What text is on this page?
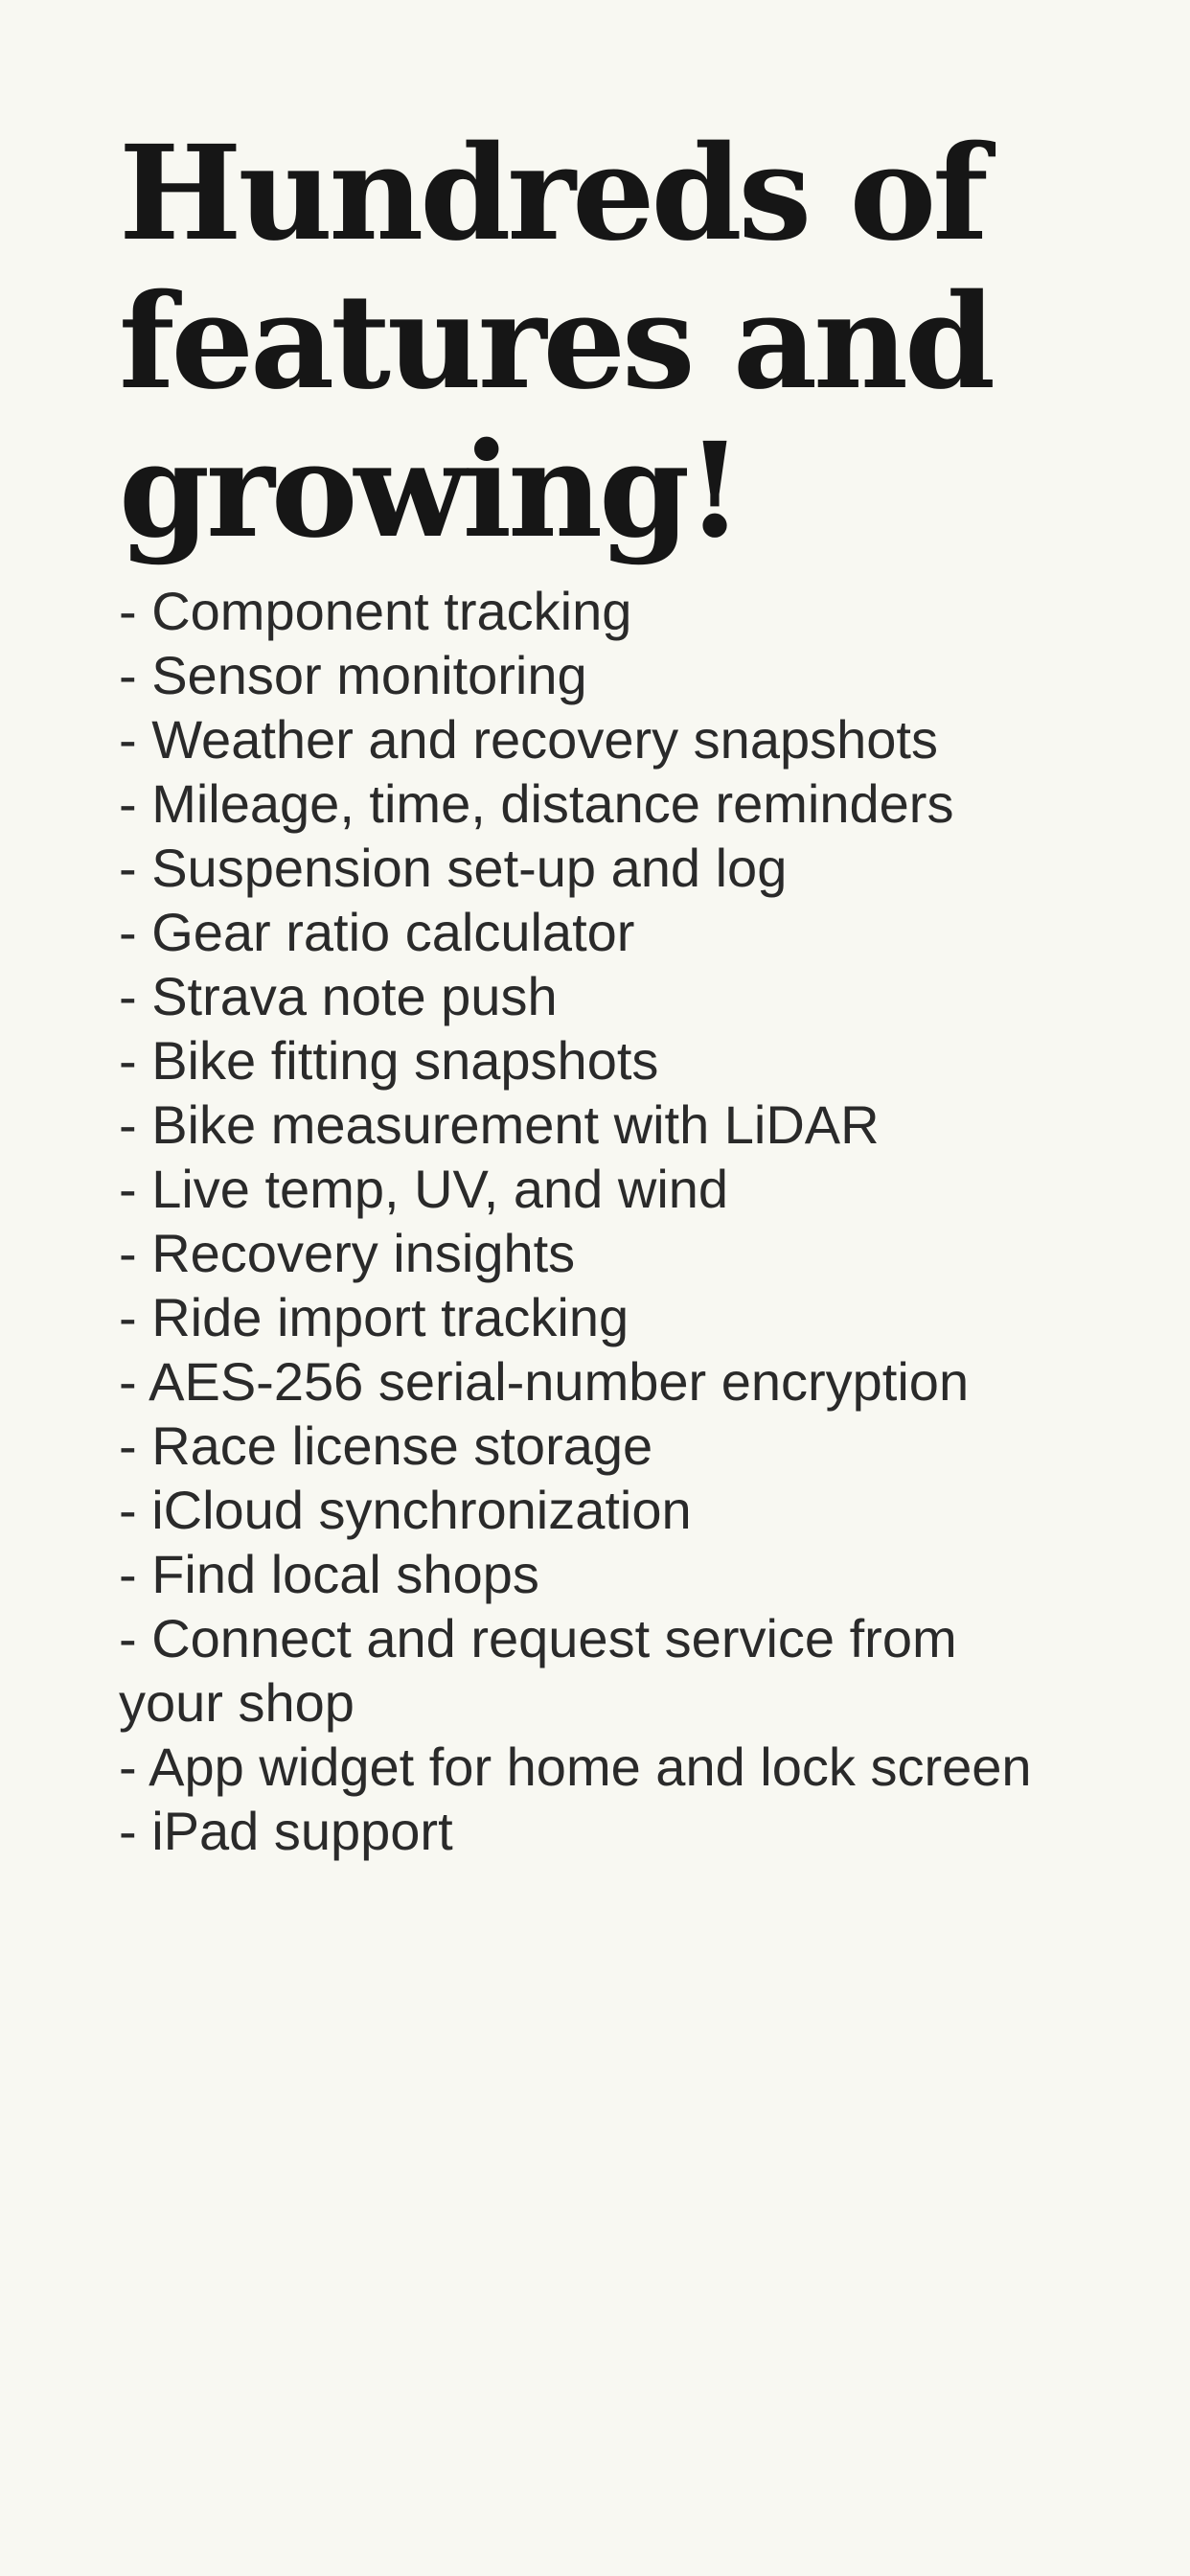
Hundreds of
features and
growing!
- Component tracking
- Sensor monitoring
- Weather and recovery snapshots
- Mileage, time, distance reminders
- Suspension set-up and log
- Gear ratio calculator
- Strava note push
- Bike fitting snapshots
- Bike measurement with LiDAR
- Live temp, UV, and wind
- Recovery insights
- Ride import tracking
- AES-256 serial-number encryption
- Race license storage
- iCloud synchronization
- Find local shops
- Connect and request service from your shop
- App widget for home and lock screen
- iPad support
